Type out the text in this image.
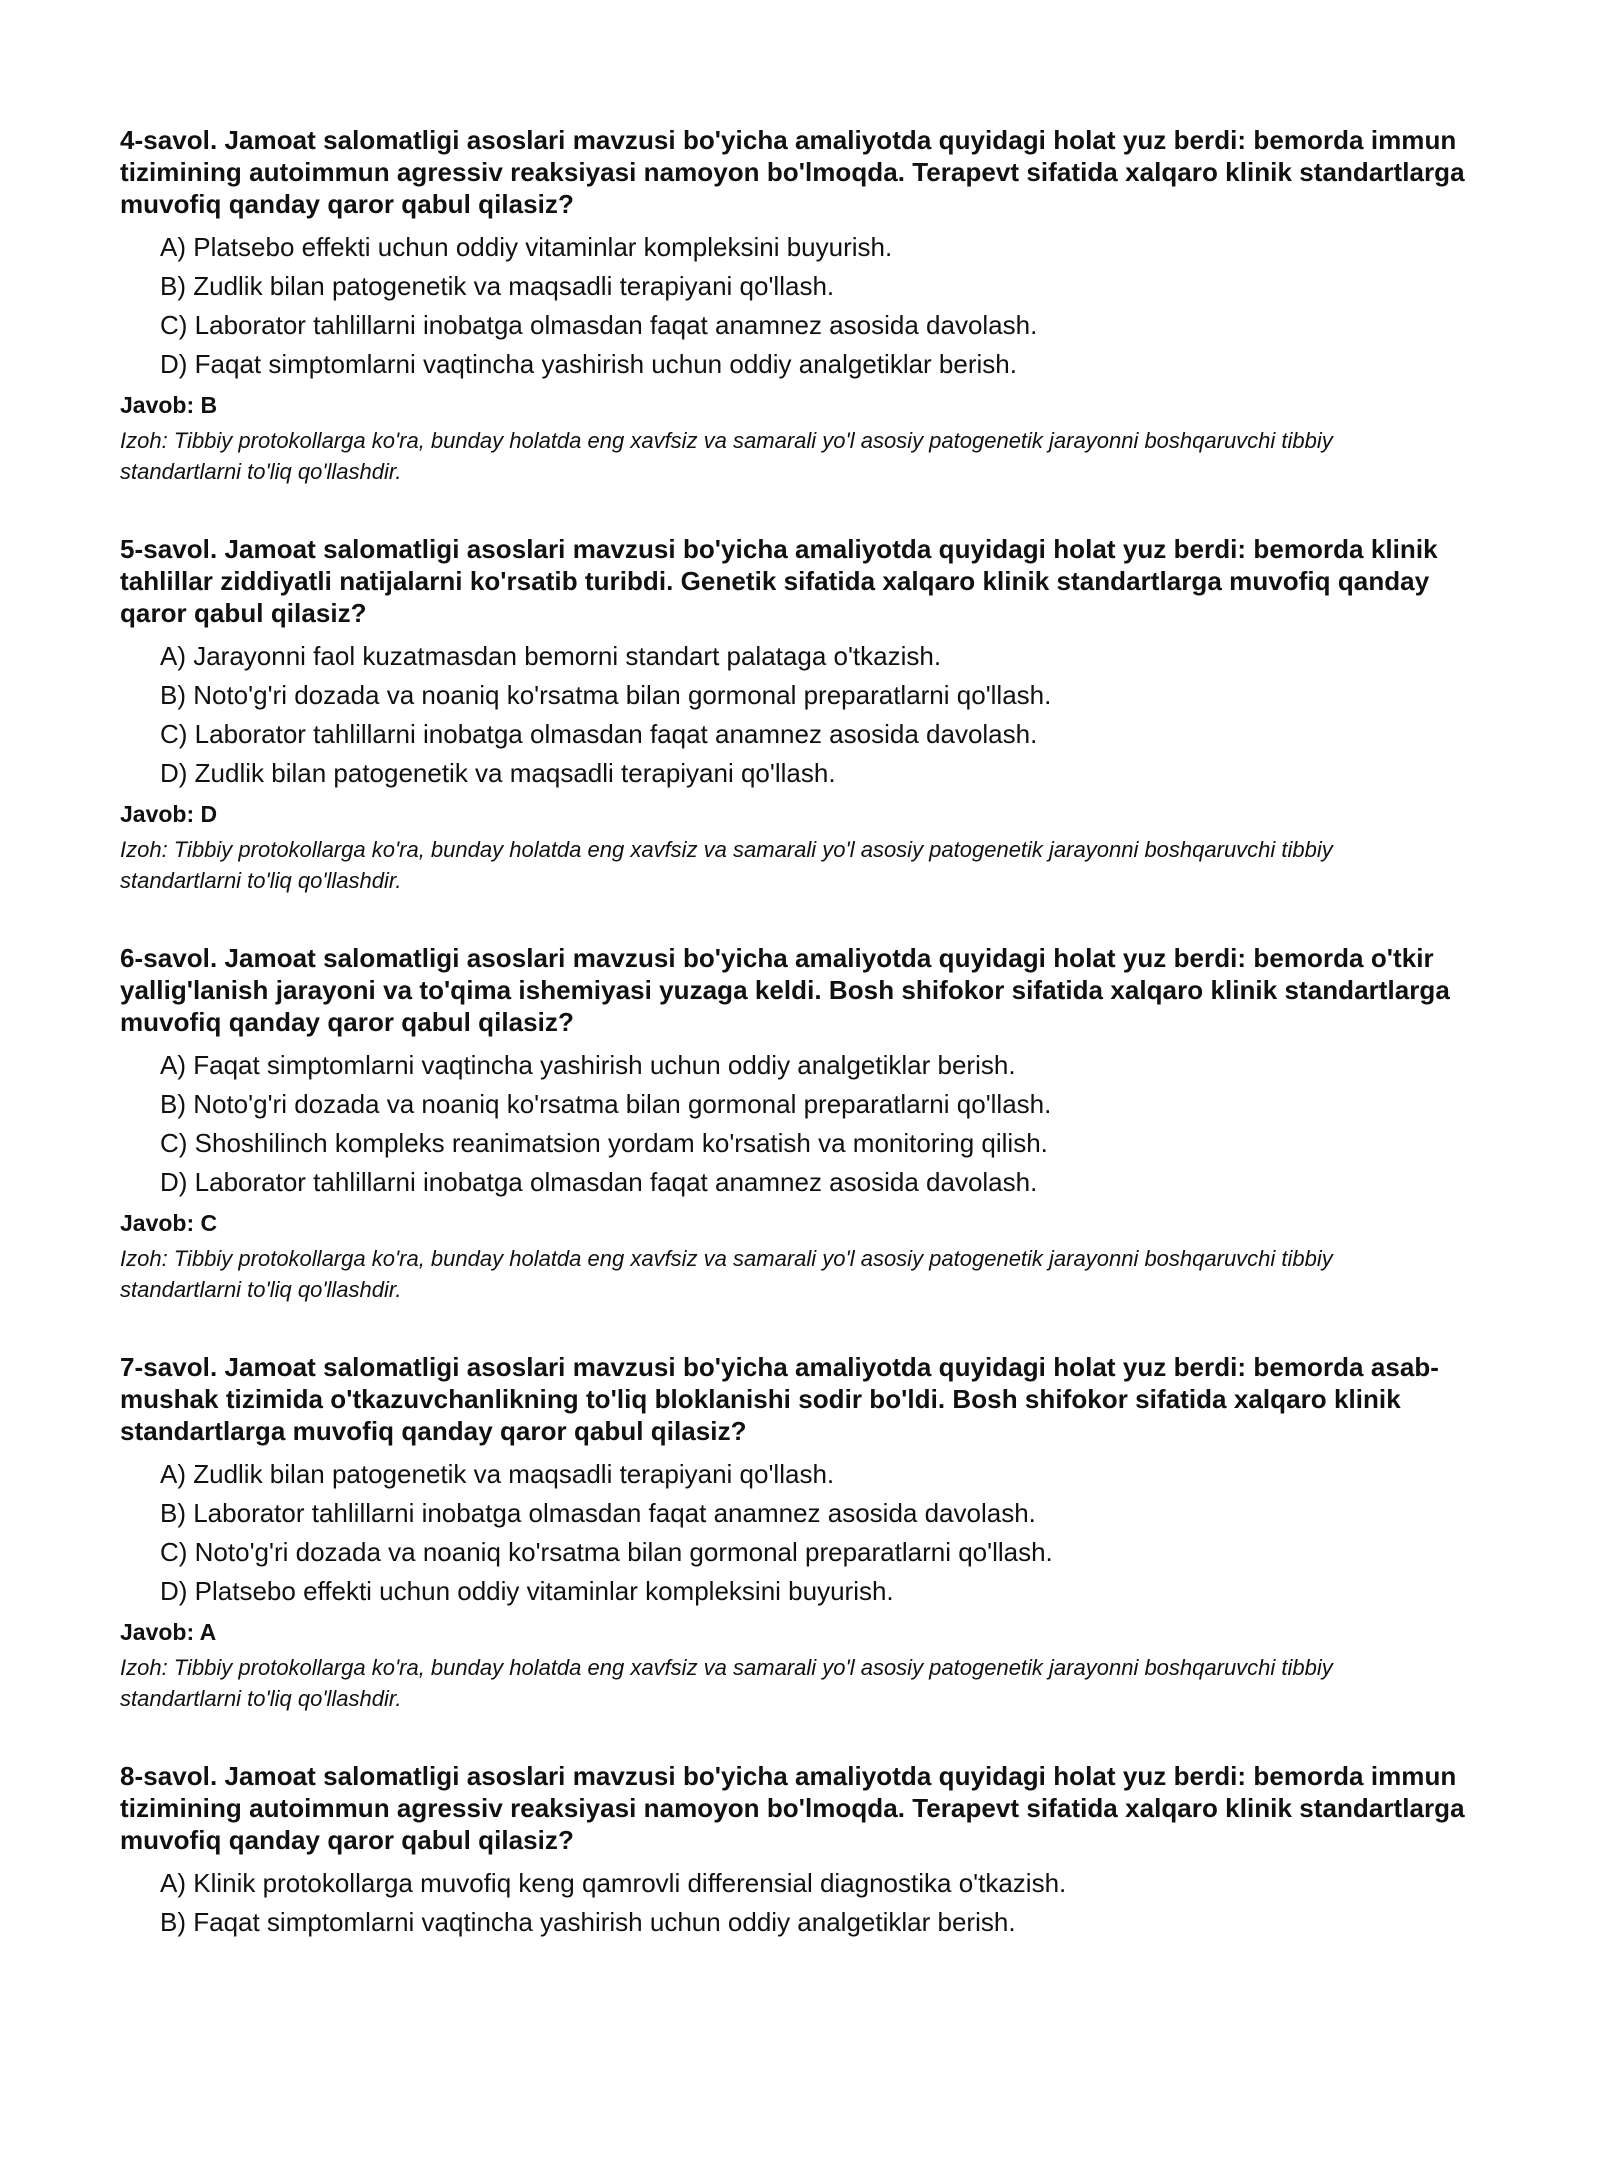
4-savol. Jamoat salomatligi asoslari mavzusi bo'yicha amaliyotda quyidagi holat yuz berdi: bemorda immun tizimining autoimmun agressiv reaksiyasi namoyon bo'lmoqda. Terapevt sifatida xalqaro klinik standartlarga muvofiq qanday qaror qabul qilasiz?

A) Platsebo effekti uchun oddiy vitaminlar kompleksini buyurish.
B) Zudlik bilan patogenetik va maqsadli terapiyani qo'llash.
C) Laborator tahlillarni inobatga olmasdan faqat anamnez asosida davolash.
D) Faqat simptomlarni vaqtincha yashirish uchun oddiy analgetiklar berish.

Javob: B

Izoh: Tibbiy protokollarga ko'ra, bunday holatda eng xavfsiz va samarali yo'l asosiy patogenetik jarayonni boshqaruvchi tibbiy standartlarni to'liq qo'llashdir.

5-savol. Jamoat salomatligi asoslari mavzusi bo'yicha amaliyotda quyidagi holat yuz berdi: bemorda klinik tahlillar ziddiyatli natijalarni ko'rsatib turibdi. Genetik sifatida xalqaro klinik standartlarga muvofiq qanday qaror qabul qilasiz?

A) Jarayonni faol kuzatmasdan bemorni standart palataga o'tkazish.
B) Noto'g'ri dozada va noaniq ko'rsatma bilan gormonal preparatlarni qo'llash.
C) Laborator tahlillarni inobatga olmasdan faqat anamnez asosida davolash.
D) Zudlik bilan patogenetik va maqsadli terapiyani qo'llash.

Javob: D

Izoh: Tibbiy protokollarga ko'ra, bunday holatda eng xavfsiz va samarali yo'l asosiy patogenetik jarayonni boshqaruvchi tibbiy standartlarni to'liq qo'llashdir.

6-savol. Jamoat salomatligi asoslari mavzusi bo'yicha amaliyotda quyidagi holat yuz berdi: bemorda o'tkir yallig'lanish jarayoni va to'qima ishemiyasi yuzaga keldi. Bosh shifokor sifatida xalqaro klinik standartlarga muvofiq qanday qaror qabul qilasiz?

A) Faqat simptomlarni vaqtincha yashirish uchun oddiy analgetiklar berish.
B) Noto'g'ri dozada va noaniq ko'rsatma bilan gormonal preparatlarni qo'llash.
C) Shoshilinch kompleks reanimatsion yordam ko'rsatish va monitoring qilish.
D) Laborator tahlillarni inobatga olmasdan faqat anamnez asosida davolash.

Javob: C

Izoh: Tibbiy protokollarga ko'ra, bunday holatda eng xavfsiz va samarali yo'l asosiy patogenetik jarayonni boshqaruvchi tibbiy standartlarni to'liq qo'llashdir.

7-savol. Jamoat salomatligi asoslari mavzusi bo'yicha amaliyotda quyidagi holat yuz berdi: bemorda asab-mushak tizimida o'tkazuvchanlikning to'liq bloklanishi sodir bo'ldi. Bosh shifokor sifatida xalqaro klinik standartlarga muvofiq qanday qaror qabul qilasiz?

A) Zudlik bilan patogenetik va maqsadli terapiyani qo'llash.
B) Laborator tahlillarni inobatga olmasdan faqat anamnez asosida davolash.
C) Noto'g'ri dozada va noaniq ko'rsatma bilan gormonal preparatlarni qo'llash.
D) Platsebo effekti uchun oddiy vitaminlar kompleksini buyurish.

Javob: A

Izoh: Tibbiy protokollarga ko'ra, bunday holatda eng xavfsiz va samarali yo'l asosiy patogenetik jarayonni boshqaruvchi tibbiy standartlarni to'liq qo'llashdir.

8-savol. Jamoat salomatligi asoslari mavzusi bo'yicha amaliyotda quyidagi holat yuz berdi: bemorda immun tizimining autoimmun agressiv reaksiyasi namoyon bo'lmoqda. Terapevt sifatida xalqaro klinik standartlarga muvofiq qanday qaror qabul qilasiz?

A) Klinik protokollarga muvofiq keng qamrovli differensial diagnostika o'tkazish.
B) Faqat simptomlarni vaqtincha yashirish uchun oddiy analgetiklar berish.
